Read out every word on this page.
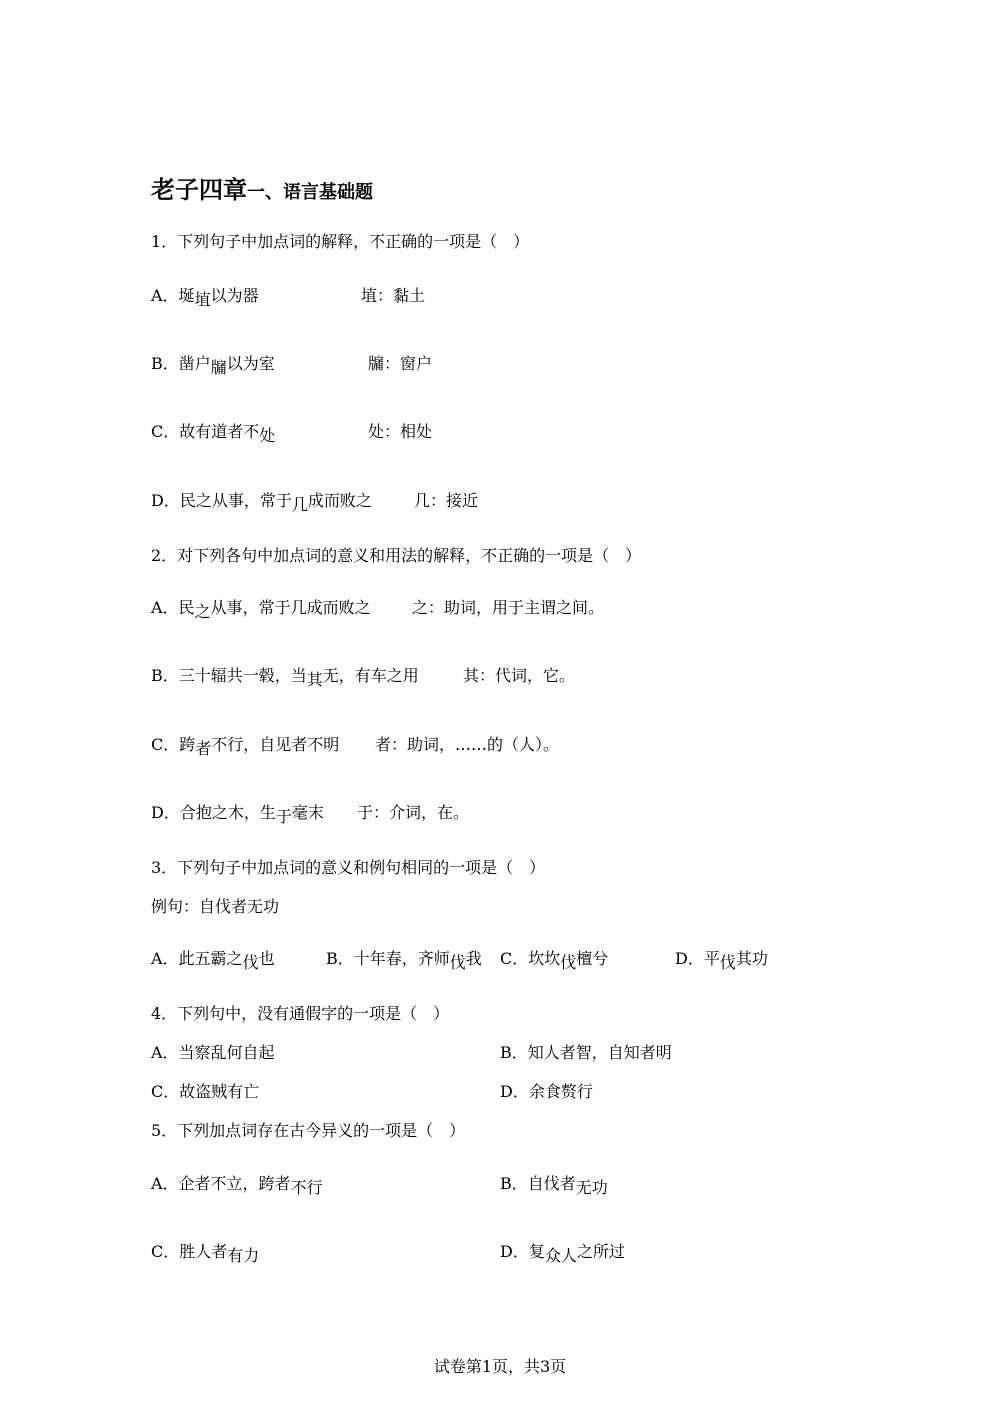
老子四章一、语言基础题
1．下列句子中加点词的解释，不正确的一项是（　）
A．埏埴以为器	埴：黏土
B．凿户牖以为室	牖：窗户
C．故有道者不处	处：相处
D．民之从事，常于几成而败之	几：接近
2．对下列各句中加点词的意义和用法的解释，不正确的一项是（　）
A．民之从事，常于几成而败之	之：助词，用于主谓之间。
B．三十辐共一毂，当其无，有车之用	其：代词，它。
C．跨者不行，自见者不明 者：助词，……的（人）。
D．合抱之木，生于毫末 于：介词，在。
3．下列句子中加点词的意义和例句相同的一项是（　）
例句：自伐者无功
A．此五霸之伐也	B．十年春，齐师伐我 C．坎坎伐檀兮	D．平伐其功
4．下列句中，没有通假字的一项是（　）
A．当察乱何自起	B．知人者智，自知者明
C．故盗贼有亡	D．余食赘行
5．下列加点词存在古今异义的一项是（　）
A．企者不立，跨者不行	B．自伐者无功
C．胜人者有力	D．复众人之所过
试卷第1页，共3页
